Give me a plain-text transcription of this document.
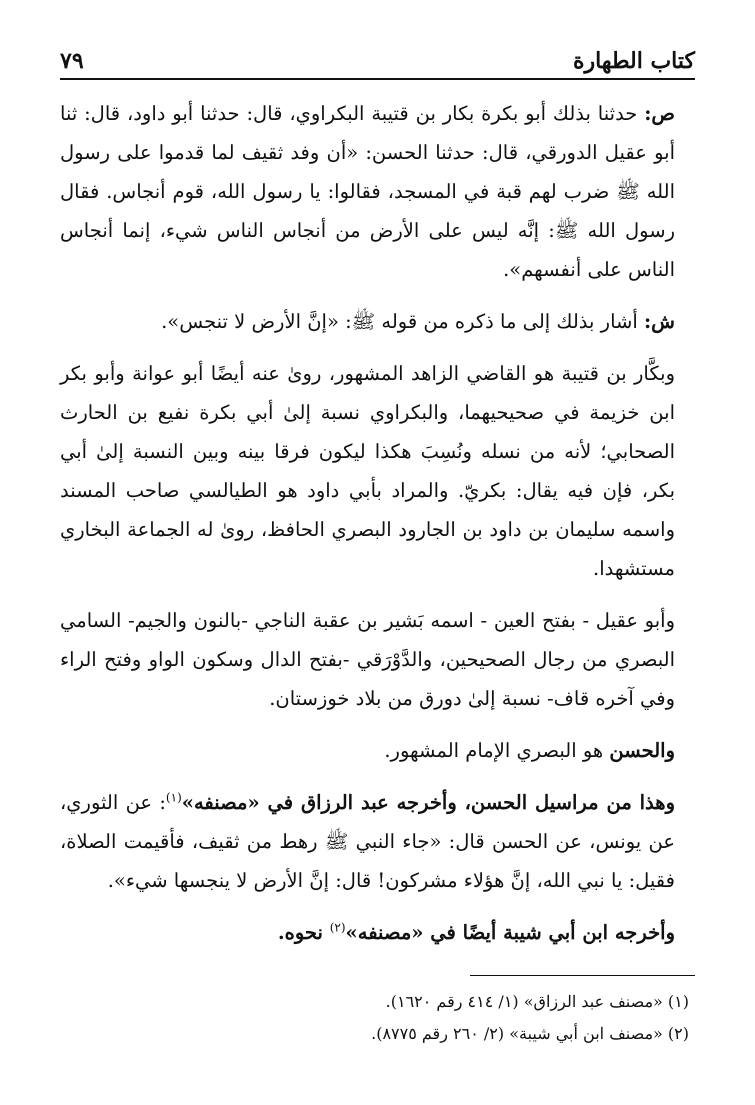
كتاب الطهارة
٧٩

ص: حدثنا بذلك أبو بكرة بكار بن قتيبة البكراوي، قال: حدثنا أبو داود، قال: ثنا أبو عقيل الدورقي، قال: حدثنا الحسن: «أن وفد ثقيف لما قدموا على رسول الله ﷺ ضرب لهم قبة في المسجد، فقالوا: يا رسول الله، قوم أنجاس. فقال رسول الله ﷺ: إنَّه ليس على الأرض من أنجاس الناس شيء، إنما أنجاس الناس على أنفسهم».

ش: أشار بذلك إلى ما ذكره من قوله ﷺ: «إنَّ الأرض لا تنجس».

وبكَّار بن قتيبة هو القاضي الزاهد المشهور، روىٰ عنه أيضًا أبو عوانة وأبو بكر ابن خزيمة في صحيحيهما، والبكراوي نسبة إلىٰ أبي بكرة نفيع بن الحارث الصحابي؛ لأنه من نسله ونُسِبَ هكذا ليكون فرقا بينه وبين النسبة إلىٰ أبي بكر، فإن فيه يقال: بكريّ. والمراد بأبي داود هو الطيالسي صاحب المسند واسمه سليمان بن داود بن الجارود البصري الحافظ، روىٰ له الجماعة البخاري مستشهدا.

وأبو عقيل - بفتح العين - اسمه بَشير بن عقبة الناجي -بالنون والجيم- السامي البصري من رجال الصحيحين، والدَّوْرَقي -بفتح الدال وسكون الواو وفتح الراء وفي آخره قاف- نسبة إلىٰ دورق من بلاد خوزستان.

والحسن هو البصري الإمام المشهور.

وهذا من مراسيل الحسن، وأخرجه عبد الرزاق في «مصنفه»$^{(١)}$: عن الثوري، عن يونس، عن الحسن قال: «جاء النبي ﷺ رهط من ثقيف، فأقيمت الصلاة، فقيل: يا نبي الله، إنَّ هؤلاء مشركون! قال: إنَّ الأرض لا ينجسها شيء».

وأخرجه ابن أبي شيبة أيضًا في «مصنفه»$^{(٢)}$ نحوه.

(١) «مصنف عبد الرزاق» (١/ ٤١٤ رقم ١٦٢٠).

(٢) «مصنف ابن أبي شيبة» (٢/ ٢٦٠ رقم ٨٧٧٥).
